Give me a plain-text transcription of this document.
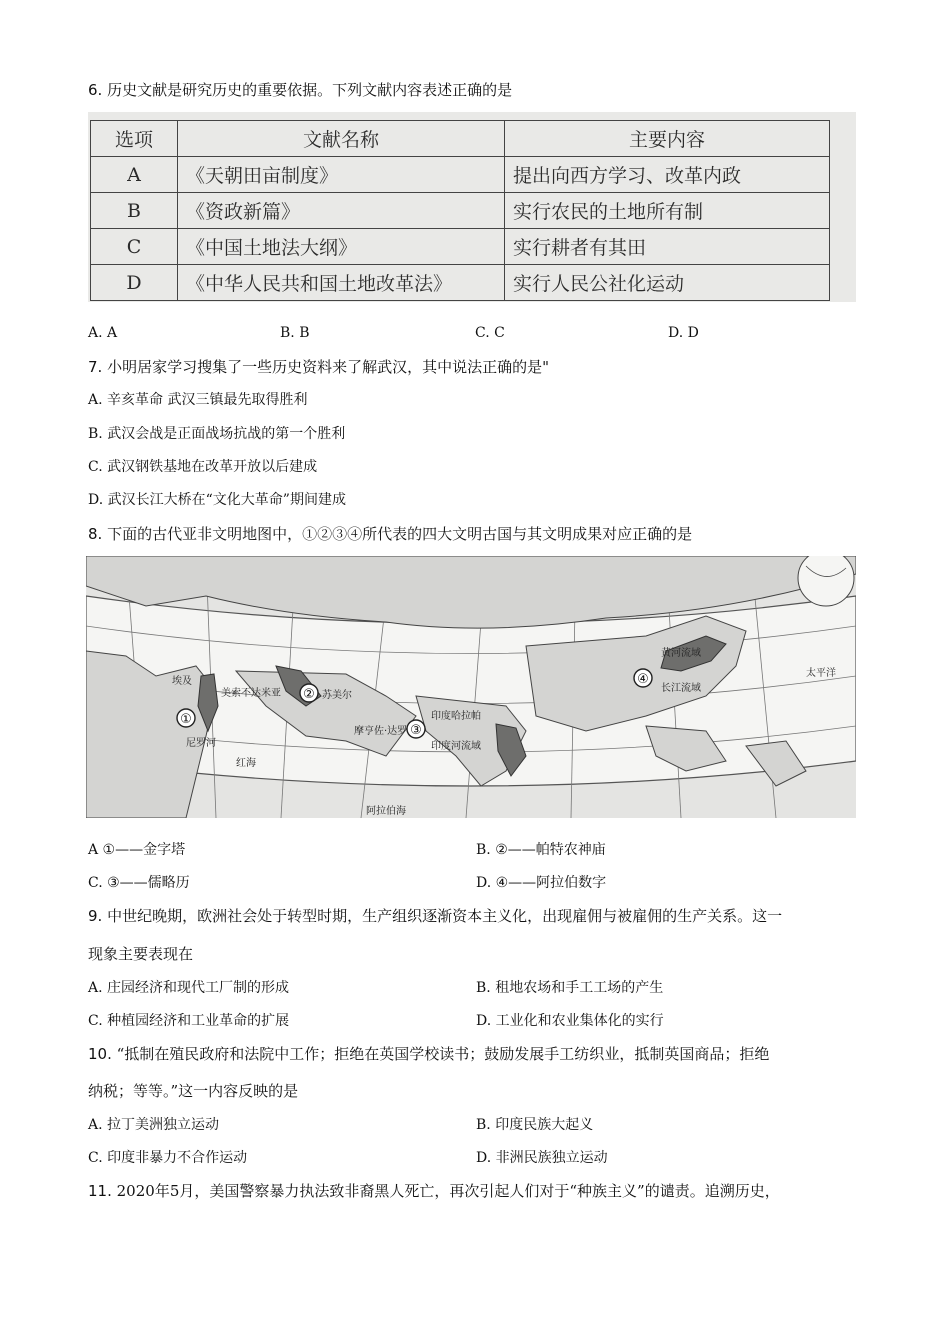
6. 历史文献是研究历史的重要依据。下列文献内容表述正确的是
选项	文献名称	主要内容
A	《天朝田亩制度》	提出向西方学习、改革内政
B	《资政新篇》	实行农民的土地所有制
C	《中国土地法大纲》	实行耕者有其田
D	《中华人民共和国土地改革法》	实行人民公社化运动
A. A	B. B	C. C	D. D
7. 小明居家学习搜集了一些历史资料来了解武汉，其中说法正确的是"
A. 辛亥革命 武汉三镇最先取得胜利
B. 武汉会战是正面战场抗战的第一个胜利
C. 武汉钢铁基地在改革开放以后建成
D. 武汉长江大桥在“文化大革命”期间建成
8. 下面的古代亚非文明地图中，①②③④所代表的四大文明古国与其文明成果对应正确的是
①
②
③
④
埃及
尼罗河
美索不达米亚	苏美尔
印度 哈拉帕
摩亨佐·达罗
印度河流域
黄河流域
长江流域
太平洋
红海
阿拉伯海
A ①——金字塔	B. ②——帕特农神庙
C. ③——儒略历	D. ④——阿拉伯数字
9. 中世纪晚期，欧洲社会处于转型时期，生产组织逐渐资本主义化，出现雇佣与被雇佣的生产关系。这一
现象主要表现在
A. 庄园经济和现代工厂制的形成	B. 租地农场和手工工场的产生
C. 种植园经济和工业革命的扩展	D. 工业化和农业集体化的实行
10. “抵制在殖民政府和法院中工作；拒绝在英国学校读书；鼓励发展手工纺织业，抵制英国商品；拒绝
纳税；等等。”这一内容反映的是
A. 拉丁美洲独立运动	B. 印度民族大起义
C. 印度非暴力不合作运动	D. 非洲民族独立运动
11. 2020年5月，美国警察暴力执法致非裔黑人死亡，再次引起人们对于“种族主义”的谴责。追溯历史，
